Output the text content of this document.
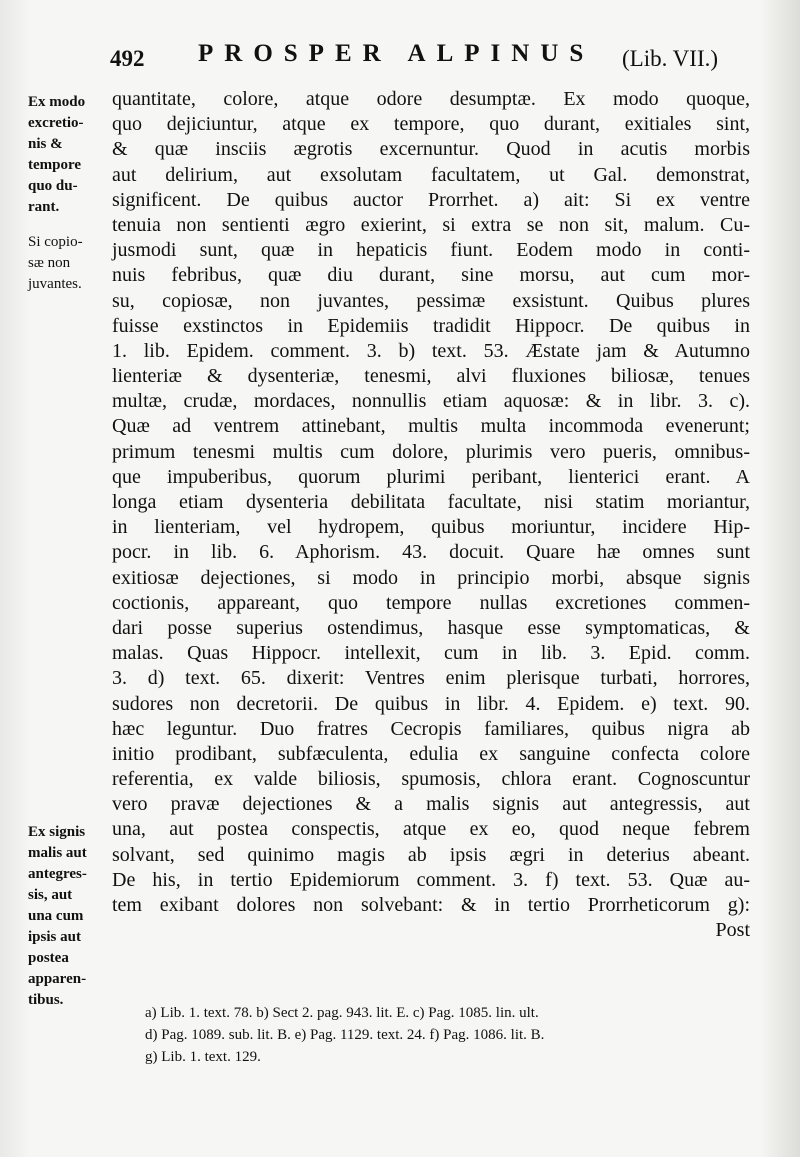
492 PROSPER ALPINUS (Lib. VII.)
Ex modo
excretio-
nis &
tempore
quo du-
rant.
Si copio-
sæ non
juvantes.
Ex signis
malis aut
antegres-
sis, aut
una cum
ipsis aut
postea
apparen-
tibus.
quantitate, colore, atque odore desumptæ. Ex modo quoque,
quo dejiciuntur, atque ex tempore, quo durant, exitiales sint,
& quæ insciis ægrotis excernuntur. Quod in acutis morbis
aut delirium, aut exsolutam facultatem, ut Gal. demonstrat,
significent. De quibus auctor Prorrhet. a) ait: Si ex ventre
tenuia non sentienti ægro exierint, si extra se non sit, malum. Cu-
jusmodi sunt, quæ in hepaticis fiunt. Eodem modo in conti-
nuis febribus, quæ diu durant, sine morsu, aut cum mor-
su, copiosæ, non juvantes, pessimæ exsistunt. Quibus plures
fuisse exstinctos in Epidemiis tradidit Hippocr. De quibus in
1. lib. Epidem. comment. 3. b) text. 53. Æstate jam & Autumno
lienteriæ & dysenteriæ, tenesmi, alvi fluxiones biliosæ, tenues
multæ, crudæ, mordaces, nonnullis etiam aquosæ: & in libr. 3. c).
Quæ ad ventrem attinebant, multis multa incommoda evenerunt;
primum tenesmi multis cum dolore, plurimis vero pueris, omnibus-
que impuberibus, quorum plurimi peribant, lienterici erant. A
longa etiam dysenteria debilitata facultate, nisi statim moriantur,
in lienteriam, vel hydropem, quibus moriuntur, incidere Hip-
pocr. in lib. 6. Aphorism. 43. docuit. Quare hæ omnes sunt
exitiosæ dejectiones, si modo in principio morbi, absque signis
coctionis, appareant, quo tempore nullas excretiones commen-
dari posse superius ostendimus, hasque esse symptomaticas, &
malas. Quas Hippocr. intellexit, cum in lib. 3. Epid. comm.
3. d) text. 65. dixerit: Ventres enim plerisque turbati, horrores,
sudores non decretorii. De quibus in libr. 4. Epidem. e) text. 90.
hæc leguntur. Duo fratres Cecropis familiares, quibus nigra ab
initio prodibant, subfæculenta, edulia ex sanguine confecta colore
referentia, ex valde biliosis, spumosis, chlora erant. Cognoscuntur
vero pravæ dejectiones & a malis signis aut antegressis, aut
una, aut postea conspectis, atque ex eo, quod neque febrem
solvant, sed quinimo magis ab ipsis ægri in deterius abeant.
De his, in tertio Epidemiorum comment. 3. f) text. 53. Quæ au-
tem exibant dolores non solvebant: & in tertio Prorrheticorum g):
Post
a) Lib. 1. text. 78. b) Sect 2. pag. 943. lit. E. c) Pag. 1085. lin. ult.
d) Pag. 1089. sub. lit. B. e) Pag. 1129. text. 24. f) Pag. 1086. lit. B.
g) Lib. 1. text. 129.
